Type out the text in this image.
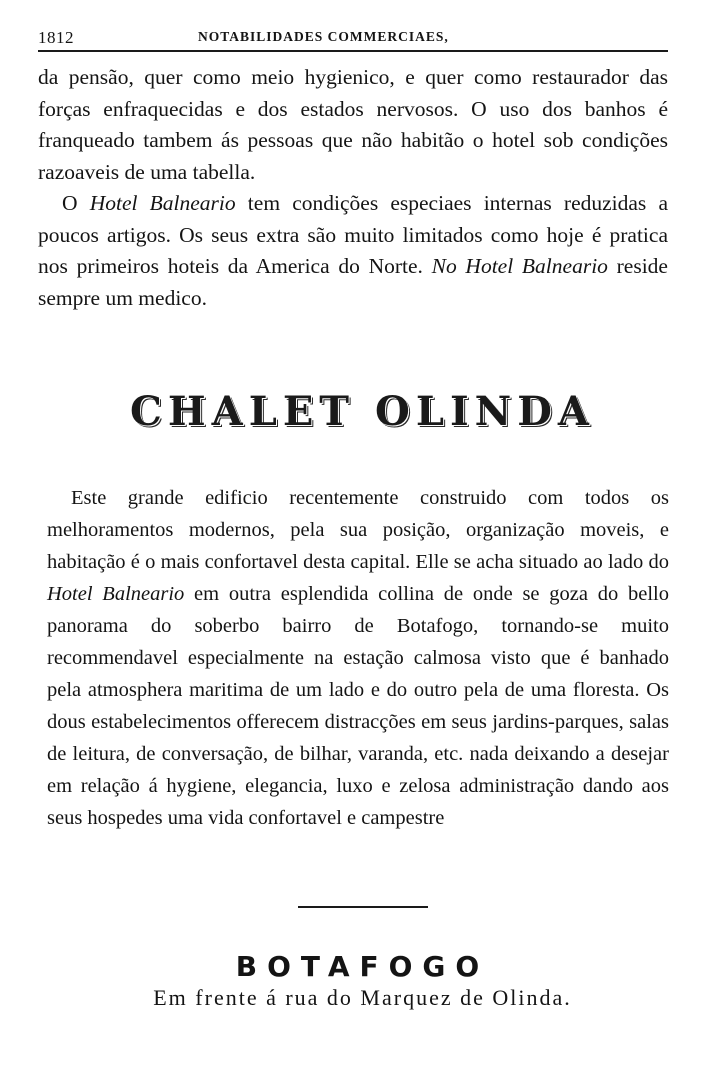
1812	NOTABILIDADES COMMERCIAES,

da pensão, quer como meio hygienico, e quer como restaurador das forças enfraquecidas e dos estados nervosos. O uso dos banhos é franqueado tambem ás pessoas que não habitão o hotel sob condições razoaveis de uma tabella.

O Hotel Balneario tem condições especiaes internas reduzidas a poucos artigos. Os seus extra são muito limitados como hoje é pratica nos primeiros hoteis da America do Norte. No Hotel Balneario reside sempre um medico.

CHALET OLINDA

Este grande edificio recentemente construido com todos os melhoramentos modernos, pela sua posição, organização moveis, e habitação é o mais confortavel desta capital. Elle se acha situado ao lado do Hotel Balneario em outra esplendida collina de onde se goza do bello panorama do soberbo bairro de Botafogo, tornando-se muito recommendavel especialmente na estação calmosa visto que é banhado pela atmosphera maritima de um lado e do outro pela de uma floresta. Os dous estabelecimentos offerecem distracções em seus jardins-parques, salas de leitura, de conversação, de bilhar, varanda, etc. nada deixando a desejar em relação á hygiene, elegancia, luxo e zelosa administração dando aos seus hospedes uma vida confortavel e campestre

BOTAFOGO
Em frente á rua do Marquez de Olinda.
